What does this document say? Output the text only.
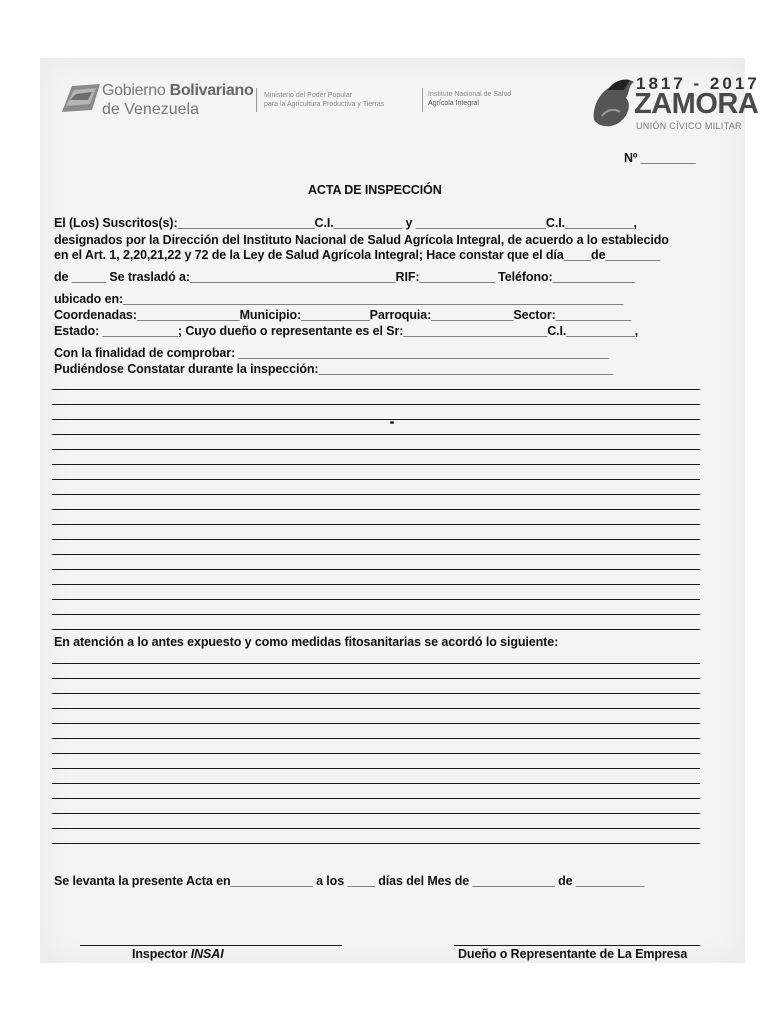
Gobierno Bolivariano
de Venezuela
Ministerio del Poder Popular
para la Agricultura Productiva y Tierras
Instituto Nacional de Salud
Agrícola Integral
1817 - 2017
ZAMORA
UNIÓN CÍVICO MILITAR
Nº ________
ACTA DE INSPECCIÓN
El (Los) Suscritos(s):____________________C.I.__________ y ___________________C.I.__________,
designados por la Dirección del Instituto Nacional de Salud Agrícola Integral, de acuerdo a lo establecido
en el Art. 1, 2,20,21,22 y 72 de la Ley de Salud Agrícola Integral; Hace constar que el día____de________
de _____ Se trasladó a:______________________________RIF:___________ Teléfono:____________
ubicado en:_________________________________________________________________________
Coordenadas:_______________Municipio:__________Parroquia:____________Sector:___________
Estado: ___________; Cuyo dueño o representante es el Sr:_____________________C.I.__________,
Con la finalidad de comprobar: ______________________________________________________
Pudiéndose Constatar durante la inspección:___________________________________________
En atención a lo antes expuesto y como medidas fitosanitarias se acordó lo siguiente:
Se levanta la presente Acta en____________ a los ____ días del Mes de ____________ de __________
Inspector INSAI	Dueño o Representante de La Empresa
